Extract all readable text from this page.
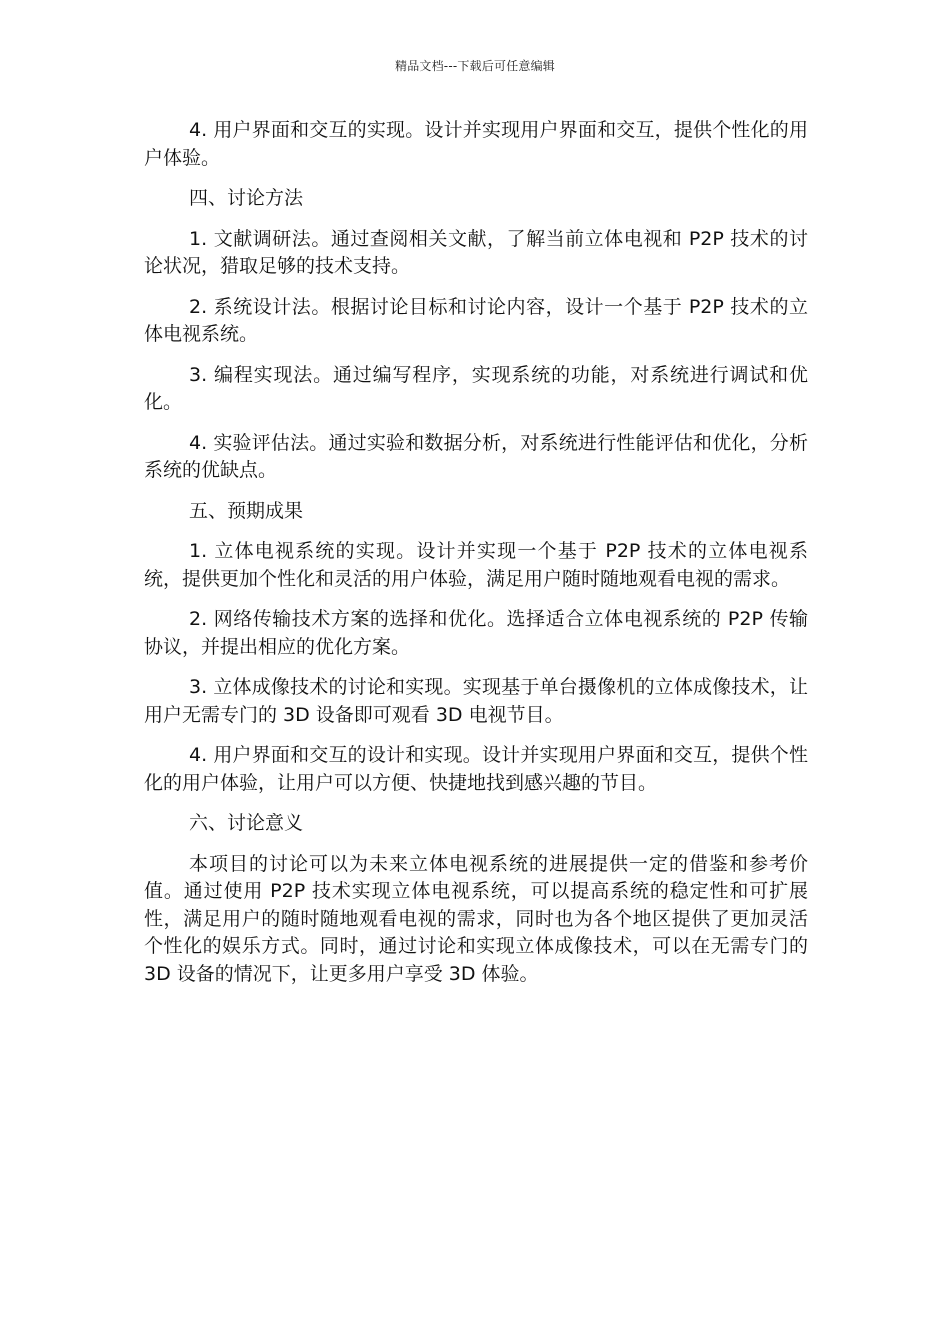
精品文档---下载后可任意编辑

4. 用户界面和交互的实现。设计并实现用户界面和交互，提供个性化的用户体验。

四、讨论方法

1. 文献调研法。通过查阅相关文献，了解当前立体电视和 P2P 技术的讨论状况，猎取足够的技术支持。

2. 系统设计法。根据讨论目标和讨论内容，设计一个基于 P2P 技术的立体电视系统。

3. 编程实现法。通过编写程序，实现系统的功能，对系统进行调试和优化。

4. 实验评估法。通过实验和数据分析，对系统进行性能评估和优化，分析系统的优缺点。

五、预期成果

1. 立体电视系统的实现。设计并实现一个基于 P2P 技术的立体电视系统，提供更加个性化和灵活的用户体验，满足用户随时随地观看电视的需求。

2. 网络传输技术方案的选择和优化。选择适合立体电视系统的 P2P 传输协议，并提出相应的优化方案。

3. 立体成像技术的讨论和实现。实现基于单台摄像机的立体成像技术，让用户无需专门的 3D 设备即可观看 3D 电视节目。

4. 用户界面和交互的设计和实现。设计并实现用户界面和交互，提供个性化的用户体验，让用户可以方便、快捷地找到感兴趣的节目。

六、讨论意义

本项目的讨论可以为未来立体电视系统的进展提供一定的借鉴和参考价值。通过使用 P2P 技术实现立体电视系统，可以提高系统的稳定性和可扩展性，满足用户的随时随地观看电视的需求，同时也为各个地区提供了更加灵活个性化的娱乐方式。同时，通过讨论和实现立体成像技术，可以在无需专门的 3D 设备的情况下，让更多用户享受 3D 体验。
